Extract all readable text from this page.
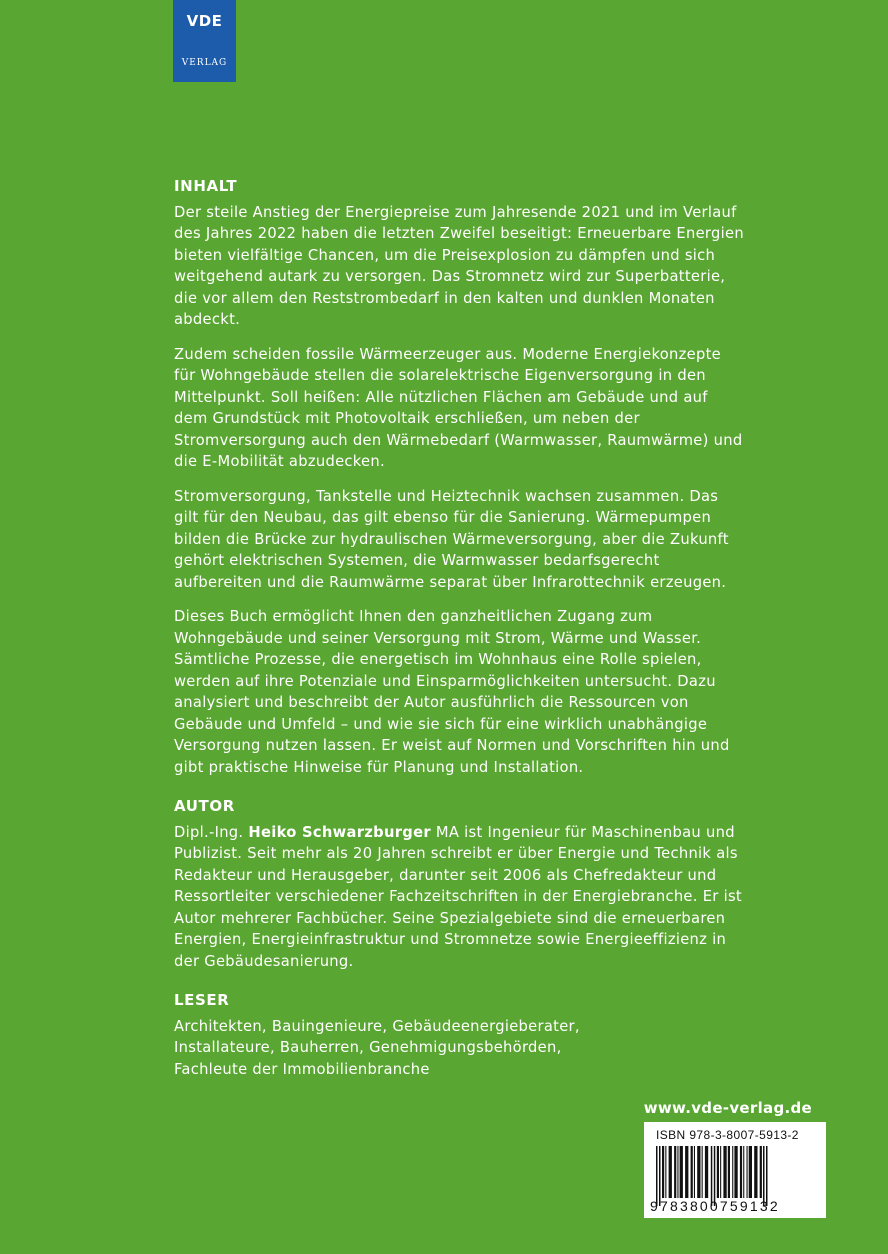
VDE
VERLAG
INHALT

Der steile Anstieg der Energiepreise zum Jahresende 2021 und im Verlauf des Jahres 2022 haben die letzten Zweifel beseitigt: Erneuerbare Energien bieten vielfältige Chancen, um die Preisexplosion zu dämpfen und sich weitgehend autark zu versorgen. Das Stromnetz wird zur Superbatterie, die vor allem den Reststrombedarf in den kalten und dunklen Monaten abdeckt.

Zudem scheiden fossile Wärmeerzeuger aus. Moderne Energiekonzepte für Wohngebäude stellen die solarelektrische Eigenversorgung in den Mittelpunkt. Soll heißen: Alle nützlichen Flächen am Gebäude und auf dem Grundstück mit Photovoltaik erschließen, um neben der Stromversorgung auch den Wärmebedarf (Warmwasser, Raumwärme) und die E-Mobilität abzudecken.

Stromversorgung, Tankstelle und Heiztechnik wachsen zusammen. Das gilt für den Neubau, das gilt ebenso für die Sanierung. Wärmepumpen bilden die Brücke zur hydraulischen Wärmeversorgung, aber die Zukunft gehört elektrischen Systemen, die Warmwasser bedarfsgerecht aufbereiten und die Raumwärme separat über Infrarottechnik erzeugen.

Dieses Buch ermöglicht Ihnen den ganzheitlichen Zugang zum Wohngebäude und seiner Versorgung mit Strom, Wärme und Wasser. Sämtliche Prozesse, die energetisch im Wohnhaus eine Rolle spielen, werden auf ihre Potenziale und Einsparmöglichkeiten untersucht. Dazu analysiert und beschreibt der Autor ausführlich die Ressourcen von Gebäude und Umfeld – und wie sie sich für eine wirklich unabhängige Versorgung nutzen lassen. Er weist auf Normen und Vorschriften hin und gibt praktische Hinweise für Planung und Installation.

AUTOR

Dipl.-Ing. Heiko Schwarzburger MA ist Ingenieur für Maschinenbau und Publizist. Seit mehr als 20 Jahren schreibt er über Energie und Technik als Redakteur und Herausgeber, darunter seit 2006 als Chefredakteur und Ressortleiter verschiedener Fachzeitschriften in der Energiebranche. Er ist Autor mehrerer Fachbücher. Seine Spezialgebiete sind die erneuerbaren Energien, Energieinfrastruktur und Stromnetze sowie Energieeffizienz in der Gebäudesanierung.

LESER
Architekten, Bauingenieure, Gebäudeenergieberater,
Installateure, Bauherren, Genehmigungsbehörden,
Fachleute der Immobilienbranche
www.vde-verlag.de
ISBN 978-3-8007-5913-2
9783800759132
